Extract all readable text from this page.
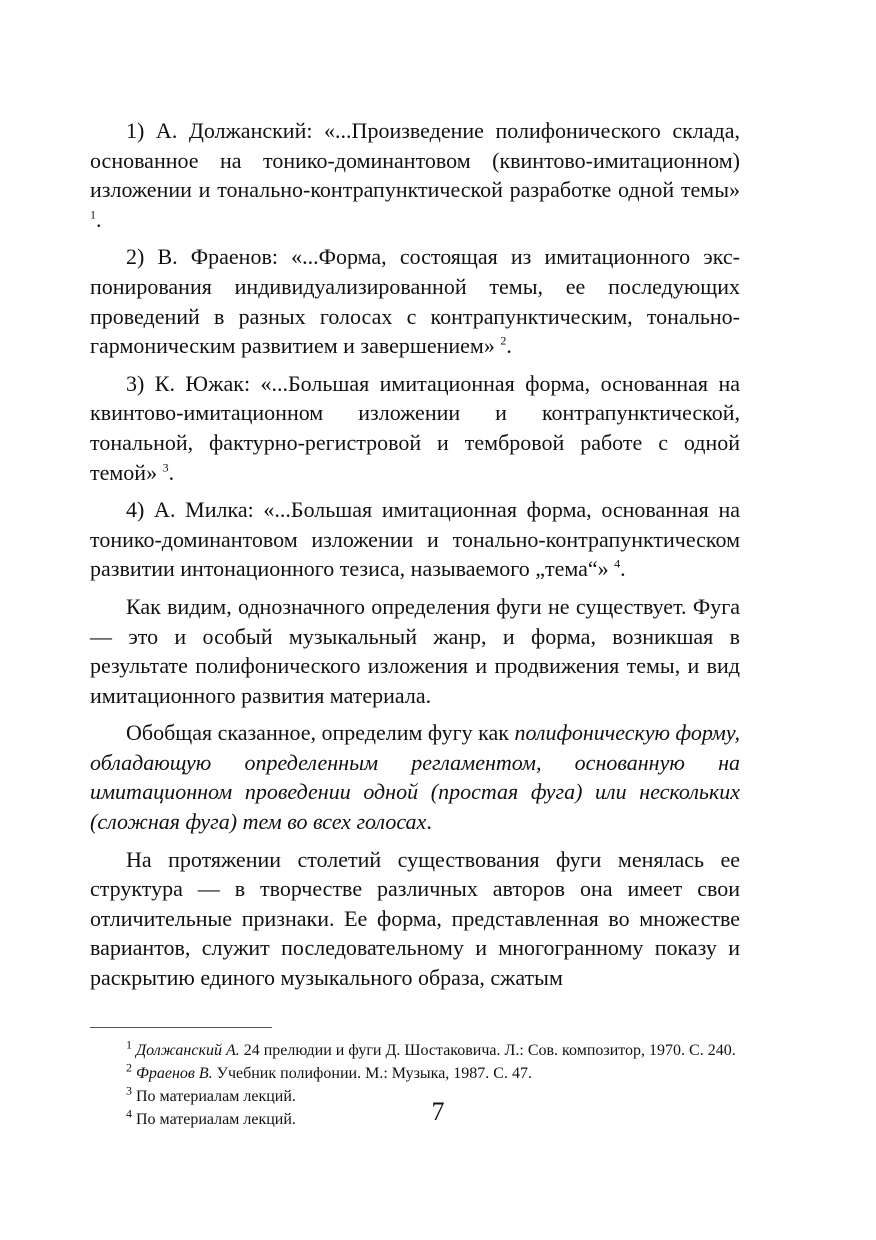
1) А. Должанский: «...Произведение полифонического склада, основанное на тонико-доминантовом (квинтово-имитационном) изложении и тонально-контрапунктической разработке одной темы» $^1$.

2) В. Фраенов: «...Форма, состоящая из имитационного экспонирования индивидуализированной темы, ее последующих проведений в разных голосах с контрапунктическим, тонально-гармоническим развитием и завершением» $^2$.

3) К. Южак: «...Большая имитационная форма, основанная на квинтово-имитационном изложении и контрапунктической, тональной, фактурно-регистровой и тембровой работе с одной темой» $^3$.

4) А. Милка: «...Большая имитационная форма, основанная на тонико-доминантовом изложении и тонально-контрапунктическом развитии интонационного тезиса, называемого „тема“» $^4$.

Как видим, однозначного определения фуги не существует. Фуга — это и особый музыкальный жанр, и форма, возникшая в результате полифонического изложения и продвижения темы, и вид имитационного развития материала.

Обобщая сказанное, определим фугу как полифоническую форму, обладающую определенным регламентом, основанную на имитационном проведении одной (простая фуга) или нескольких (сложная фуга) тем во всех голосах.

На протяжении столетий существования фуги менялась ее структура — в творчестве различных авторов она имеет свои отличительные признаки. Ее форма, представленная во множестве вариантов, служит последовательному и многогранному показу и раскрытию единого музыкального образа, сжатым

$^1$ Должанский А. 24 прелюдии и фуги Д. Шостаковича. Л.: Сов. композитор, 1970. С. 240.

$^2$ Фраенов В. Учебник полифонии. М.: Музыка, 1987. С. 47.

$^3$ По материалам лекций.

$^4$ По материалам лекций.	7
